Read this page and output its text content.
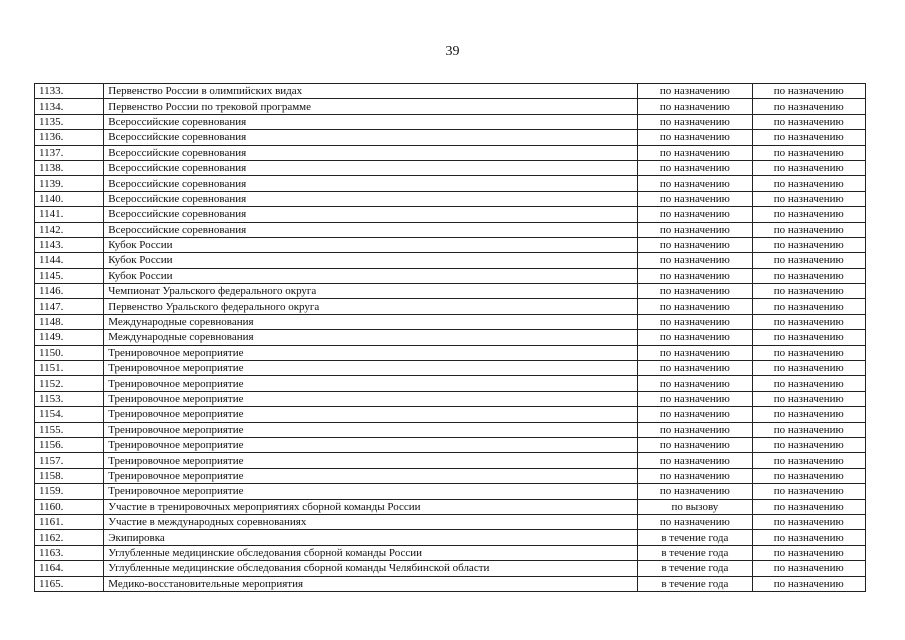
39
1133.	Первенство России в олимпийских видах	по назначению	по назначению
1134.	Первенство России по трековой программе	по назначению	по назначению
1135.	Всероссийские соревнования	по назначению	по назначению
1136.	Всероссийские соревнования	по назначению	по назначению
1137.	Всероссийские соревнования	по назначению	по назначению
1138.	Всероссийские соревнования	по назначению	по назначению
1139.	Всероссийские соревнования	по назначению	по назначению
1140.	Всероссийские соревнования	по назначению	по назначению
1141.	Всероссийские соревнования	по назначению	по назначению
1142.	Всероссийские соревнования	по назначению	по назначению
1143.	Кубок России	по назначению	по назначению
1144.	Кубок России	по назначению	по назначению
1145.	Кубок России	по назначению	по назначению
1146.	Чемпионат Уральского федерального округа	по назначению	по назначению
1147.	Первенство Уральского федерального округа	по назначению	по назначению
1148.	Международные соревнования	по назначению	по назначению
1149.	Международные соревнования	по назначению	по назначению
1150.	Тренировочное мероприятие	по назначению	по назначению
1151.	Тренировочное мероприятие	по назначению	по назначению
1152.	Тренировочное мероприятие	по назначению	по назначению
1153.	Тренировочное мероприятие	по назначению	по назначению
1154.	Тренировочное мероприятие	по назначению	по назначению
1155.	Тренировочное мероприятие	по назначению	по назначению
1156.	Тренировочное мероприятие	по назначению	по назначению
1157.	Тренировочное мероприятие	по назначению	по назначению
1158.	Тренировочное мероприятие	по назначению	по назначению
1159.	Тренировочное мероприятие	по назначению	по назначению
1160.	Участие в тренировочных мероприятиях сборной команды России	по вызову	по назначению
1161.	Участие в международных соревнованиях	по назначению	по назначению
1162.	Экипировка	в течение года	по назначению
1163.	Углубленные медицинские обследования сборной команды России	в течение года	по назначению
1164.	Углубленные медицинские обследования сборной команды Челябинской области	в течение года	по назначению
1165.	Медико-восстановительные мероприятия	в течение года	по назначению
